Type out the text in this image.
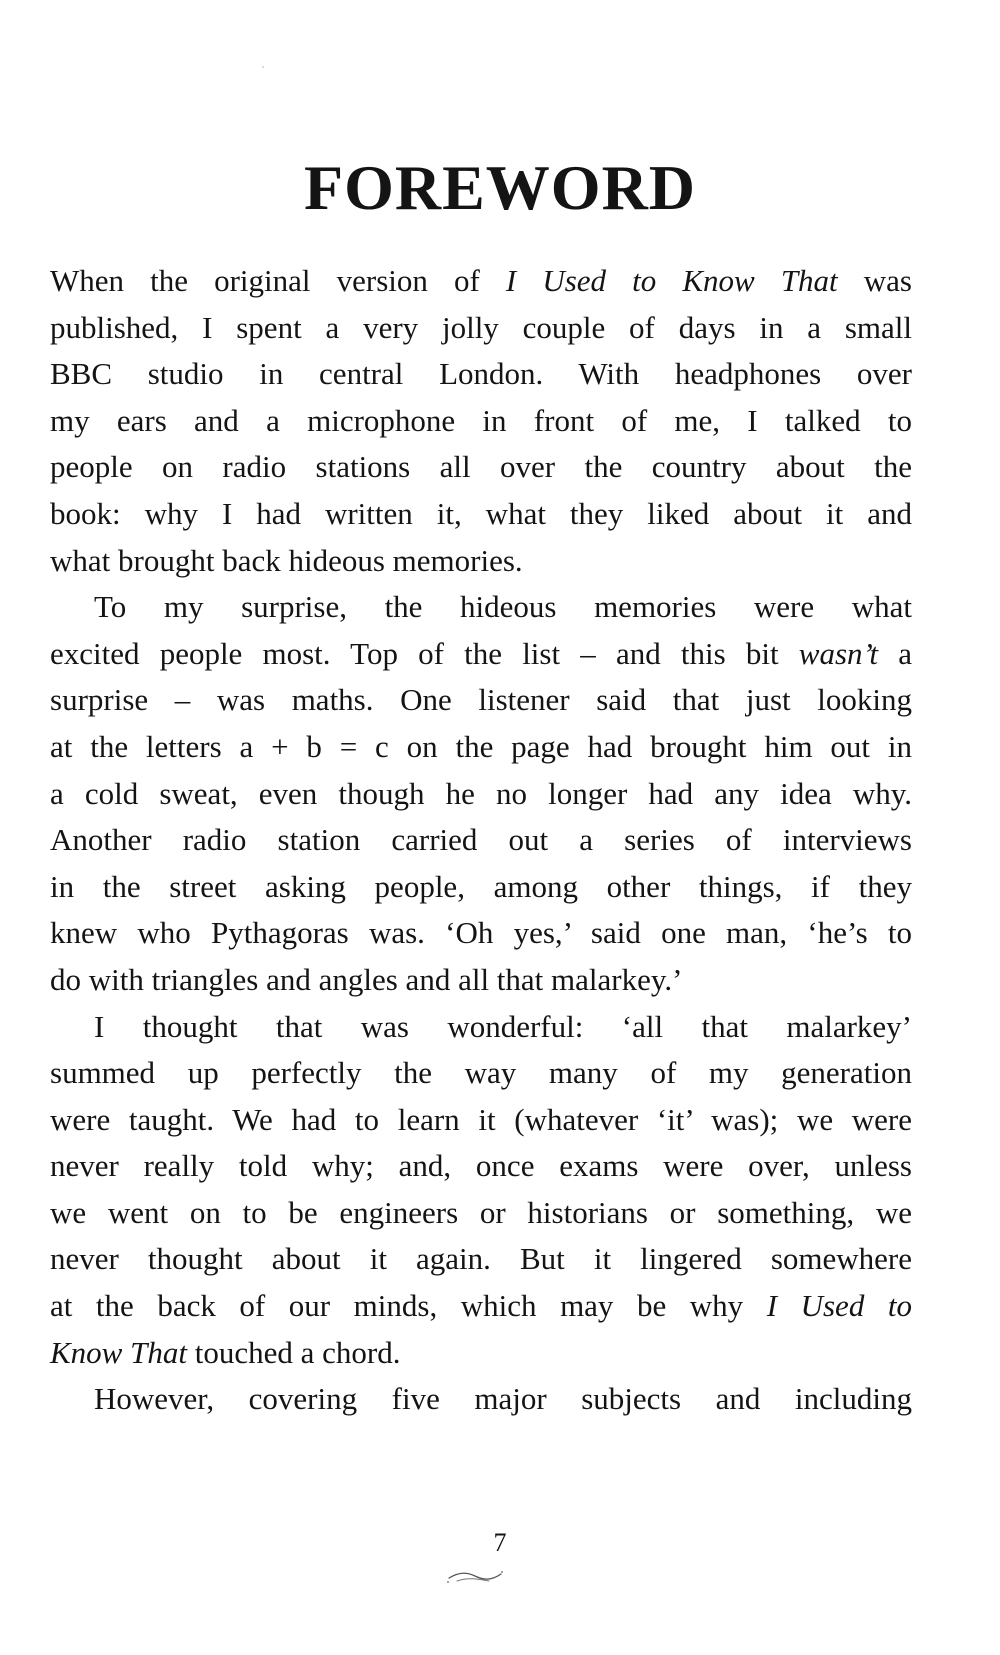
FOREWORD

When the original version of I Used to Know That was
published, I spent a very jolly couple of days in a small
BBC studio in central London. With headphones over
my ears and a microphone in front of me, I talked to
people on radio stations all over the country about the
book: why I had written it, what they liked about it and
what brought back hideous memories.

To my surprise, the hideous memories were what
excited people most. Top of the list – and this bit wasn’t a
surprise – was maths. One listener said that just looking
at the letters a + b = c on the page had brought him out in
a cold sweat, even though he no longer had any idea why.
Another radio station carried out a series of interviews
in the street asking people, among other things, if they
knew who Pythagoras was. ‘Oh yes,’ said one man, ‘he’s to
do with triangles and angles and all that malarkey.’

I thought that was wonderful: ‘all that malarkey’
summed up perfectly the way many of my generation
were taught. We had to learn it (whatever ‘it’ was); we were
never really told why; and, once exams were over, unless
we went on to be engineers or historians or something, we
never thought about it again. But it lingered somewhere
at the back of our minds, which may be why I Used to
Know That touched a chord.

However, covering five major subjects and including

7
